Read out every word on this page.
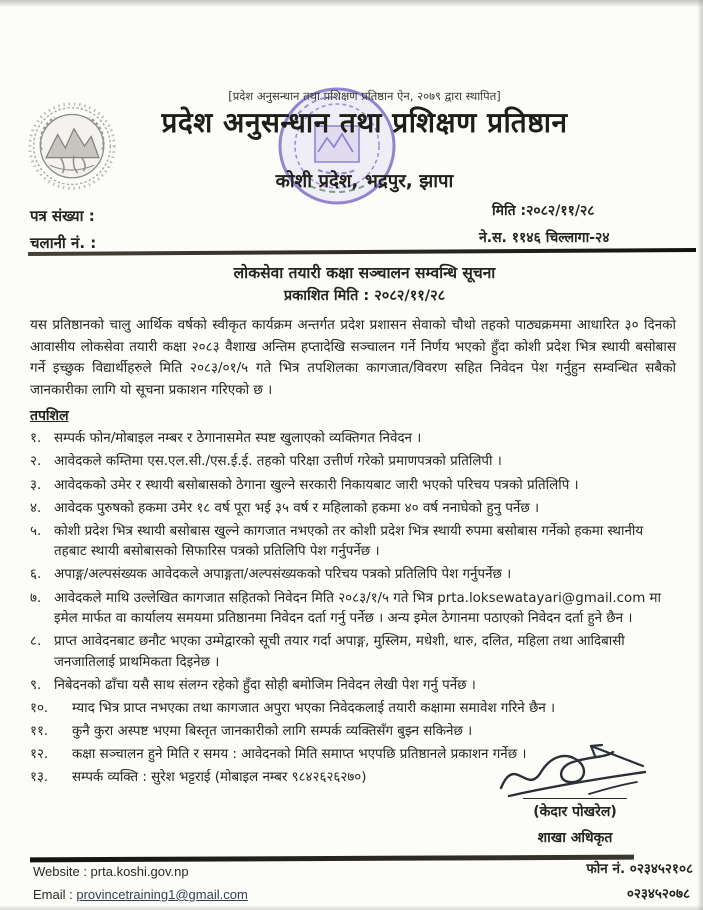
[प्रदेश अनुसन्धान तथा प्रशिक्षण प्रतिष्ठान ऐन, २०७९ द्वारा स्थापित]
प्रदेश अनुसन्धान तथा प्रशिक्षण प्रतिष्ठान
कोशी प्रदेश, भद्रपुर, झापा
पत्र संख्या :
चलानी नं. :
मिति :२०८२/११/२८
ने.स. ११४६ चिल्लागा-२४
लोकसेवा तयारी कक्षा सञ्चालन सम्वन्धि सूचना
प्रकाशित मिति : २०८२/११/२८
यस प्रतिष्ठानको चालु आर्थिक वर्षको स्वीकृत कार्यक्रम अन्तर्गत प्रदेश प्रशासन सेवाको चौथो तहको पाठ्यक्रममा आधारित ३० दिनको आवासीय लोकसेवा तयारी कक्षा २०८३ वैशाख अन्तिम हप्तादेखि सञ्चालन गर्ने निर्णय भएको हुँदा कोशी प्रदेश भित्र स्थायी बसोबास गर्ने इच्छुक विद्यार्थीहरुले मिति २०८३/०१/५ गते भित्र तपशिलका कागजात/विवरण सहित निवेदन पेश गर्नुहुन सम्वन्धित सबैको जानकारीका लागि यो सूचना प्रकाशन गरिएको छ ।
तपशिल
१. सम्पर्क फोन/मोबाइल नम्बर र ठेगानासमेत स्पष्ट खुलाएको व्यक्तिगत निवेदन ।
२. आवेदकले कम्तिमा एस.एल.सी./एस.ई.ई. तहको परिक्षा उत्तीर्ण गरेको प्रमाणपत्रको प्रतिलिपी ।
३. आवेदकको उमेर र स्थायी बसोबासको ठेगाना खुल्ने सरकारी निकायबाट जारी भएको परिचय पत्रको प्रतिलिपि ।
४. आवेदक पुरुषको हकमा उमेर १८ वर्ष पूरा भई ३५ वर्ष र महिलाको हकमा ४० वर्ष ननाघेको हुनु पर्नेछ ।
५. कोशी प्रदेश भित्र स्थायी बसोबास खुल्ने कागजात नभएको तर कोशी प्रदेश भित्र स्थायी रुपमा बसोबास गर्नेको हकमा स्थानीय तहबाट स्थायी बसोबासको सिफारिस पत्रको प्रतिलिपि पेश गर्नुपर्नेछ ।
६. अपाङ्ग/अल्पसंख्यक आवेदकले अपाङ्गता/अल्पसंख्यकको परिचय पत्रको प्रतिलिपि पेश गर्नुपर्नेछ ।
७. आवेदकले माथि उल्लेखित कागजात सहितको निवेदन मिति २०८३/१/५ गते भित्र prta.loksewatayari@gmail.com मा इमेल मार्फत वा कार्यालय समयमा प्रतिष्ठानमा निवेदन दर्ता गर्नु पर्नेछ । अन्य इमेल ठेगानमा पठाएको निवेदन दर्ता हुने छैन ।
८. प्राप्त आवेदनबाट छनौट भएका उम्मेद्वारको सूची तयार गर्दा अपाङ्ग, मुस्लिम, मधेशी, थारु, दलित, महिला तथा आदिबासी जनजातिलाई प्राथमिकता दिइनेछ ।
९. निबेदनको ढाँचा यसै साथ संलग्न रहेको हुँदा सोही बमोजिम निवेदन लेखी पेश गर्नु पर्नेछ ।
१०.	म्याद भित्र प्राप्त नभएका तथा कागजात अपुरा भएका निवेदकलाई तयारी कक्षामा समावेश गरिने छैन ।
११.	कुनै कुरा अस्पष्ट भएमा बिस्तृत जानकारीको लागि सम्पर्क व्यक्तिसँग बुझ्न सकिनेछ ।
१२.	कक्षा सञ्चालन हुने मिति र समय : आवेदनको मिति समाप्त भएपछि प्रतिष्ठानले प्रकाशन गर्नेछ ।
१३.	सम्पर्क व्यक्ति : सुरेश भट्टराई (मोबाइल नम्बर ९८४२६२६२७०)
(केदार पोखरेल)
शाखा अधिकृत
Website : prta.koshi.gov.np
Email : provincetraining1@gmail.com
फोन नं. ०२३४५२१०८
०२३४५२०७८
